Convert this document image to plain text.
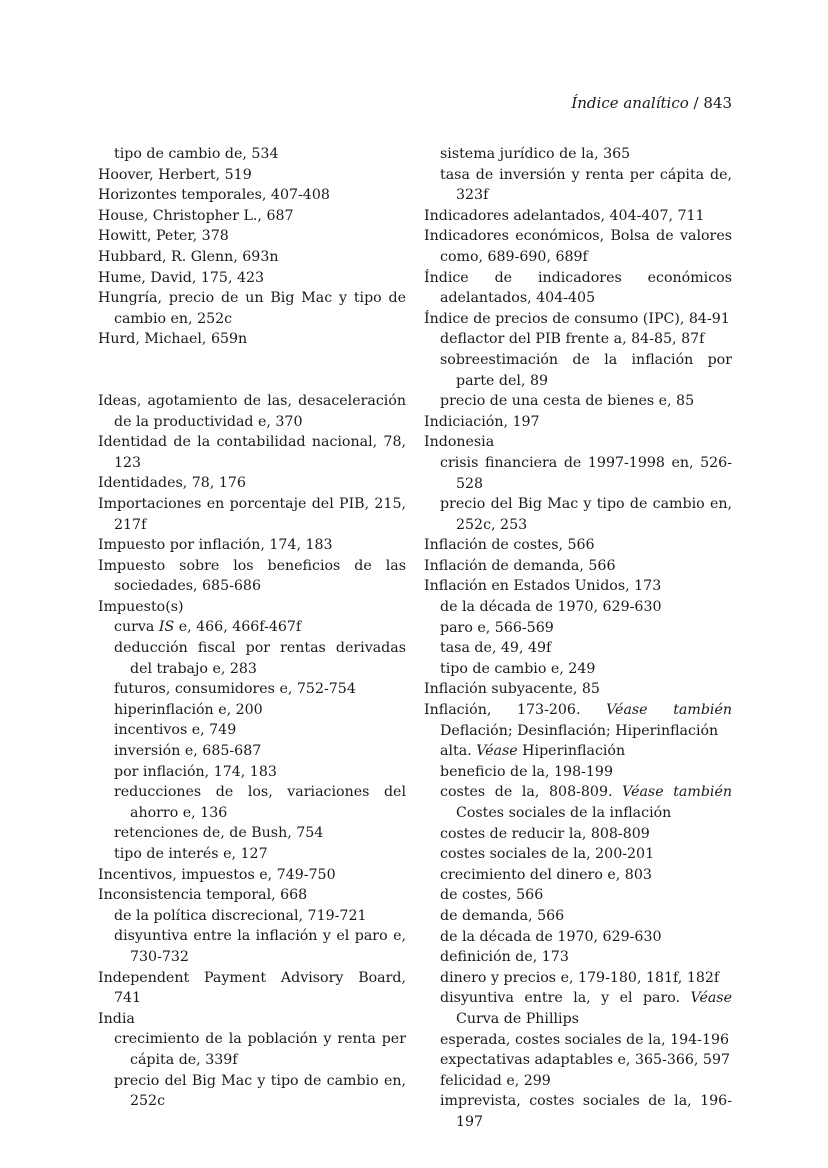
Índice analítico / 843

tipo de cambio de, 534

Hoover, Herbert, 519

Horizontes temporales, 407-408

House, Christopher L., 687

Howitt, Peter, 378

Hubbard, R. Glenn, 693n

Hume, David, 175, 423

Hungría, precio de un Big Mac y tipo de cambio en, 252c

Hurd, Michael, 659n

Ideas, agotamiento de las, desaceleración de la productividad e, 370

Identidad de la contabilidad nacional, 78, 123

Identidades, 78, 176

Importaciones en porcentaje del PIB, 215, 217f

Impuesto por inflación, 174, 183

Impuesto sobre los beneficios de las sociedades, 685-686

Impuesto(s)

curva IS e, 466, 466f-467f

deducción fiscal por rentas derivadas del trabajo e, 283

futuros, consumidores e, 752-754

hiperinflación e, 200

incentivos e, 749

inversión e, 685-687

por inflación, 174, 183

reducciones de los, variaciones del ahorro e, 136

retenciones de, de Bush, 754

tipo de interés e, 127

Incentivos, impuestos e, 749-750

Inconsistencia temporal, 668

de la política discrecional, 719-721

disyuntiva entre la inflación y el paro e, 730-732

Independent Payment Advisory Board, 741

India

crecimiento de la población y renta per cápita de, 339f

precio del Big Mac y tipo de cambio en, 252c

sistema jurídico de la, 365

tasa de inversión y renta per cápita de, 323f

Indicadores adelantados, 404-407, 711

Indicadores económicos, Bolsa de valores como, 689-690, 689f

Índice de indicadores económicos adelantados, 404-405

Índice de precios de consumo (IPC), 84-91

deflactor del PIB frente a, 84-85, 87f

sobreestimación de la inflación por parte del, 89

precio de una cesta de bienes e, 85

Indiciación, 197

Indonesia

crisis financiera de 1997-1998 en, 526-528

precio del Big Mac y tipo de cambio en, 252c, 253

Inflación de costes, 566

Inflación de demanda, 566

Inflación en Estados Unidos, 173

de la década de 1970, 629-630

paro e, 566-569

tasa de, 49, 49f

tipo de cambio e, 249

Inflación subyacente, 85

Inflación, 173-206. Véase también Deflación; Desinflación; Hiperinflación

alta. Véase Hiperinflación

beneficio de la, 198-199

costes de la, 808-809. Véase también Costes sociales de la inflación

costes de reducir la, 808-809

costes sociales de la, 200-201

crecimiento del dinero e, 803

de costes, 566

de demanda, 566

de la década de 1970, 629-630

definición de, 173

dinero y precios e, 179-180, 181f, 182f

disyuntiva entre la, y el paro. Véase Curva de Phillips

esperada, costes sociales de la, 194-196

expectativas adaptables e, 365-366, 597

felicidad e, 299

imprevista, costes sociales de la, 196-197
